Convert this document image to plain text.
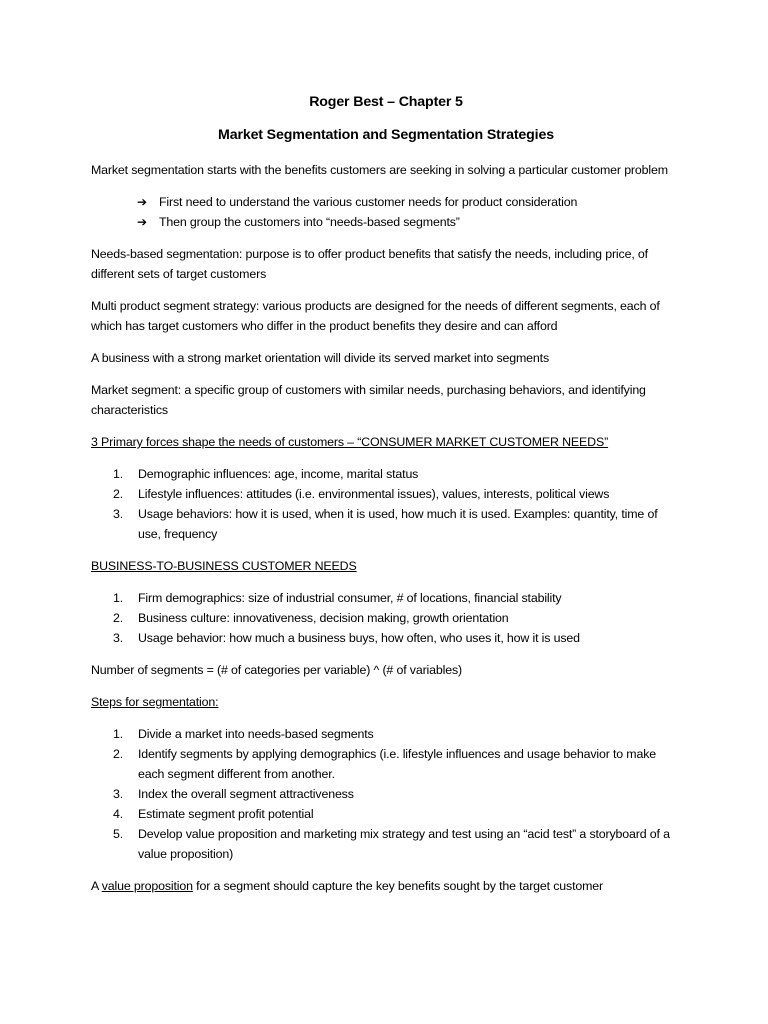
Roger Best – Chapter 5
Market Segmentation and Segmentation Strategies

Market segmentation starts with the benefits customers are seeking in solving a particular customer problem

➔ First need to understand the various customer needs for product consideration
➔ Then group the customers into “needs-based segments”

Needs-based segmentation: purpose is to offer product benefits that satisfy the needs, including price, of different sets of target customers

Multi product segment strategy: various products are designed for the needs of different segments, each of which has target customers who differ in the product benefits they desire and can afford

A business with a strong market orientation will divide its served market into segments

Market segment: a specific group of customers with similar needs, purchasing behaviors, and identifying characteristics

3 Primary forces shape the needs of customers – “CONSUMER MARKET CUSTOMER NEEDS”

1. Demographic influences: age, income, marital status
2. Lifestyle influences: attitudes (i.e. environmental issues), values, interests, political views
3. Usage behaviors: how it is used, when it is used, how much it is used. Examples: quantity, time of use, frequency

BUSINESS-TO-BUSINESS CUSTOMER NEEDS

1. Firm demographics: size of industrial consumer, # of locations, financial stability
2. Business culture: innovativeness, decision making, growth orientation
3. Usage behavior: how much a business buys, how often, who uses it, how it is used

Number of segments = (# of categories per variable) ^ (# of variables)

Steps for segmentation:

1. Divide a market into needs-based segments
2. Identify segments by applying demographics (i.e. lifestyle influences and usage behavior to make each segment different from another.
3. Index the overall segment attractiveness
4. Estimate segment profit potential
5. Develop value proposition and marketing mix strategy and test using an “acid test” a storyboard of a value proposition)

A value proposition for a segment should capture the key benefits sought by the target customer
